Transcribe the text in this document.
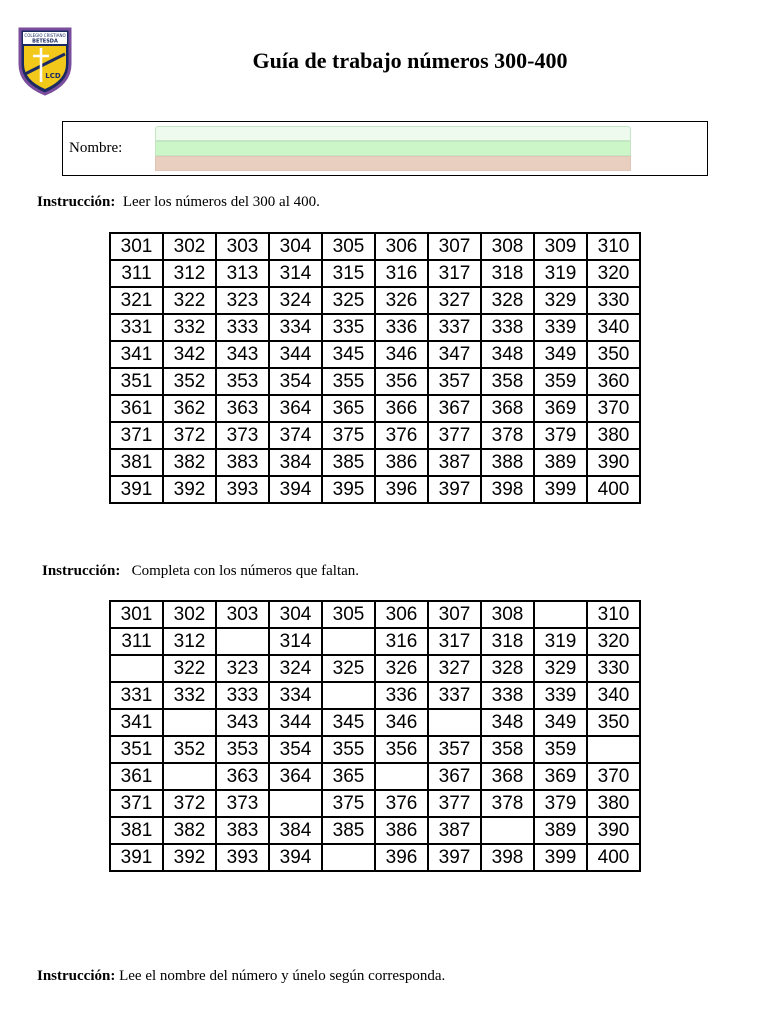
COLEGIO CRISTIANO
BETESDA
LCD
Guía de trabajo números 300-400
Nombre:
Instrucción: Leer los números del 300 al 400.
301	302	303	304	305	306	307	308	309	310
311	312	313	314	315	316	317	318	319	320
321	322	323	324	325	326	327	328	329	330
331	332	333	334	335	336	337	338	339	340
341	342	343	344	345	346	347	348	349	350
351	352	353	354	355	356	357	358	359	360
361	362	363	364	365	366	367	368	369	370
371	372	373	374	375	376	377	378	379	380
381	382	383	384	385	386	387	388	389	390
391	392	393	394	395	396	397	398	399	400
Instrucción: Completa con los números que faltan.
301	302	303	304	305	306	307	308		310
311	312		314		316	317	318	319	320
	322	323	324	325	326	327	328	329	330
331	332	333	334		336	337	338	339	340
341		343	344	345	346		348	349	350
351	352	353	354	355	356	357	358	359	
361		363	364	365		367	368	369	370
371	372	373		375	376	377	378	379	380
381	382	383	384	385	386	387		389	390
391	392	393	394		396	397	398	399	400
Instrucción: Lee el nombre del número y únelo según corresponda.
